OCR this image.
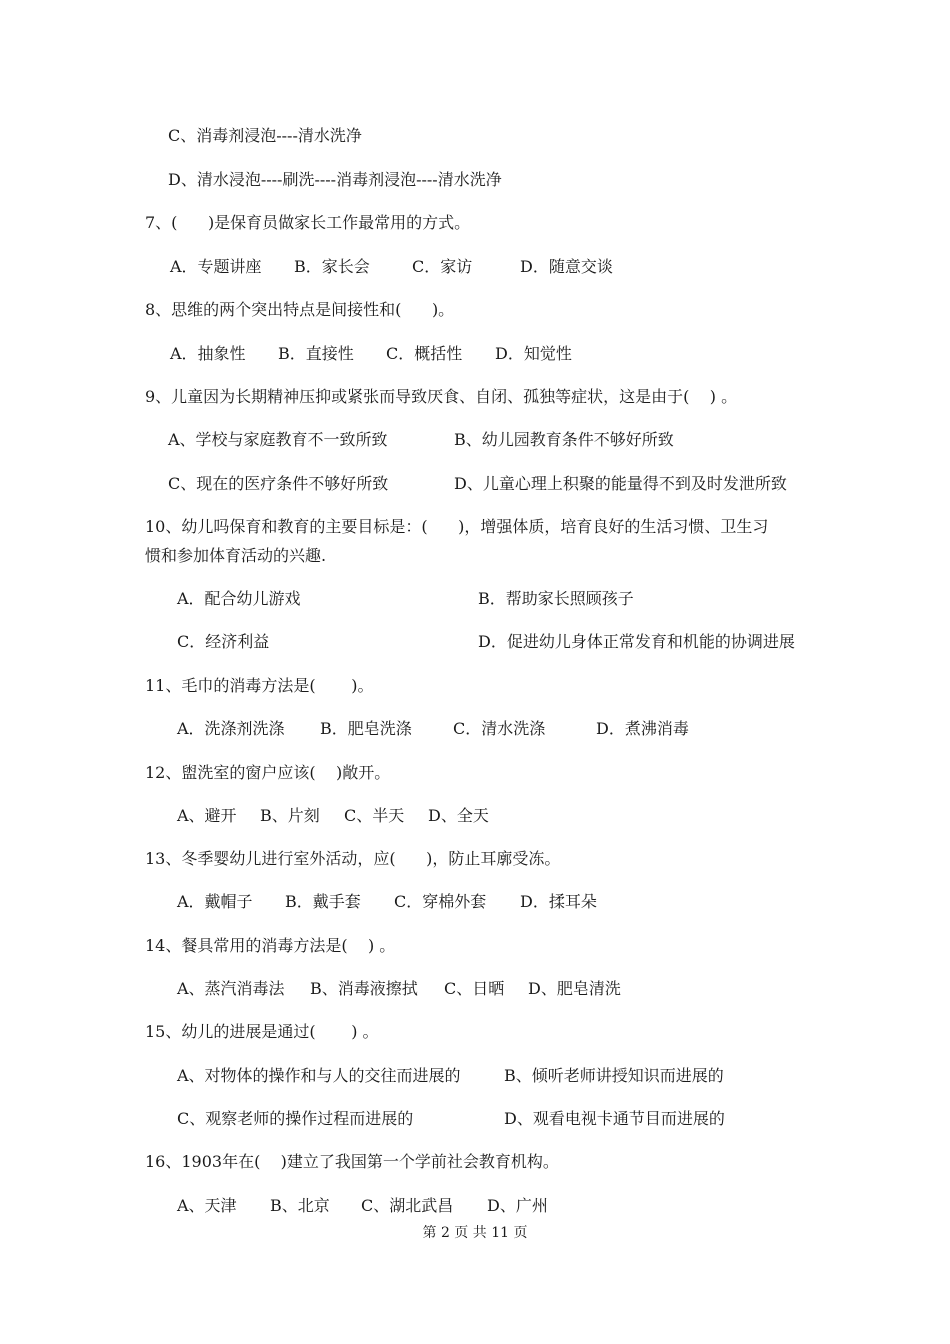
C、消毒剂浸泡----清水洗净
D、清水浸泡----刷洗----消毒剂浸泡----清水洗净
7、(      )是保育员做家长工作最常用的方式。
A．专题讲座 B．家长会	C．家访	D．随意交谈
8、思维的两个突出特点是间接性和(      )。
A．抽象性 B．直接性 C．概括性 D．知觉性
9、儿童因为长期精神压抑或紧张而导致厌食、自闭、孤独等症状，这是由于(    ) 。
A、学校与家庭教育不一致所致	B、幼儿园教育条件不够好所致
C、现在的医疗条件不够好所致	D、儿童心理上积聚的能量得不到及时发泄所致
10、幼儿吗保育和教育的主要目标是：(      )，增强体质，培育良好的生活习惯、卫生习
惯和参加体育活动的兴趣.
A．配合幼儿游戏	B．帮助家长照顾孩子
C．经济利益	D．促进幼儿身体正常发育和机能的协调进展
11、毛巾的消毒方法是(       )。
A．洗涤剂洗涤 B．肥皂洗涤	C．清水洗涤	D．煮沸消毒
12、盥洗室的窗户应该(    )敞开。
A、避开 B、片刻 C、半天 D、全天
13、冬季婴幼儿进行室外活动，应(      )，防止耳廓受冻。
A．戴帽子 B．戴手套 C．穿棉外套 D．揉耳朵
14、餐具常用的消毒方法是(    ) 。
A、蒸汽消毒法 B、消毒液擦拭 C、日晒 D、肥皂清洗
15、幼儿的进展是通过(       ) 。
A、对物体的操作和与人的交往而进展的	B、倾听老师讲授知识而进展的
C、观察老师的操作过程而进展的	D、观看电视卡通节目而进展的
16、1903年在(    )建立了我国第一个学前社会教育机构。
A、天津 B、北京 C、湖北武昌 D、广州
第 2 页 共 11 页
